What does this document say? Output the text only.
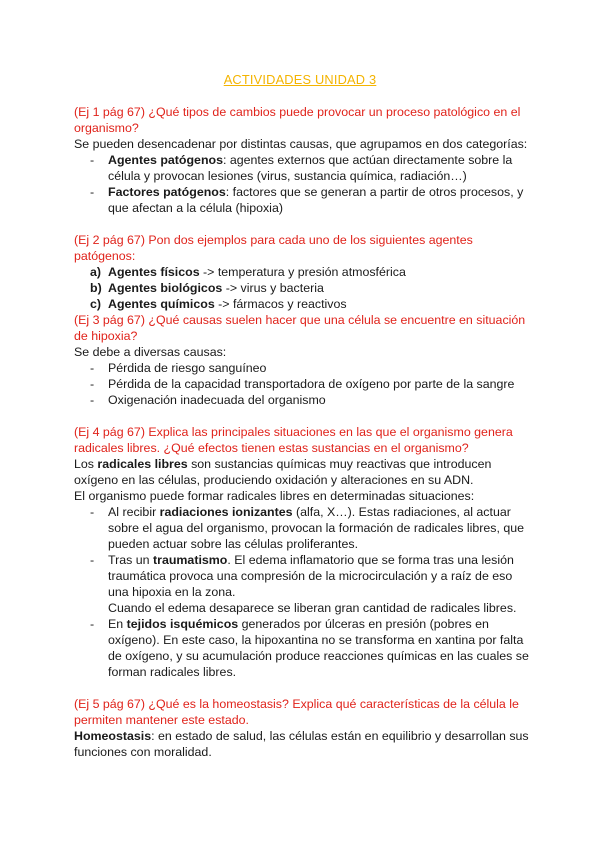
ACTIVIDADES UNIDAD 3

(Ej 1 pág 67) ¿Qué tipos de cambios puede provocar un proceso patológico en el organismo?

Se pueden desencadenar por distintas causas, que agrupamos en dos categorías:

- Agentes patógenos: agentes externos que actúan directamente sobre la célula y provocan lesiones (virus, sustancia química, radiación…)
- Factores patógenos: factores que se generan a partir de otros procesos, y que afectan a la célula (hipoxia)

(Ej 2 pág 67) Pon dos ejemplos para cada uno de los siguientes agentes patógenos:

a) Agentes físicos -> temperatura y presión atmosférica
b) Agentes biológicos -> virus y bacteria
c) Agentes químicos -> fármacos y reactivos

(Ej 3 pág 67) ¿Qué causas suelen hacer que una célula se encuentre en situación de hipoxia?

Se debe a diversas causas:

- Pérdida de riesgo sanguíneo
- Pérdida de la capacidad transportadora de oxígeno por parte de la sangre
- Oxigenación inadecuada del organismo

(Ej 4 pág 67) Explica las principales situaciones en las que el organismo genera radicales libres. ¿Qué efectos tienen estas sustancias en el organismo?

Los radicales libres son sustancias químicas muy reactivas que introducen oxígeno en las células, produciendo oxidación y alteraciones en su ADN.

El organismo puede formar radicales libres en determinadas situaciones:

- Al recibir radiaciones ionizantes (alfa, X…). Estas radiaciones, al actuar sobre el agua del organismo, provocan la formación de radicales libres, que pueden actuar sobre las células proliferantes.
- Tras un traumatismo. El edema inflamatorio que se forma tras una lesión traumática provoca una compresión de la microcirculación y a raíz de eso una hipoxia en la zona.
Cuando el edema desaparece se liberan gran cantidad de radicales libres.
- En tejidos isquémicos generados por úlceras en presión (pobres en oxígeno). En este caso, la hipoxantina no se transforma en xantina por falta de oxígeno, y su acumulación produce reacciones químicas en las cuales se forman radicales libres.

(Ej 5 pág 67) ¿Qué es la homeostasis? Explica qué características de la célula le permiten mantener este estado.

Homeostasis: en estado de salud, las células están en equilibrio y desarrollan sus funciones con moralidad.
